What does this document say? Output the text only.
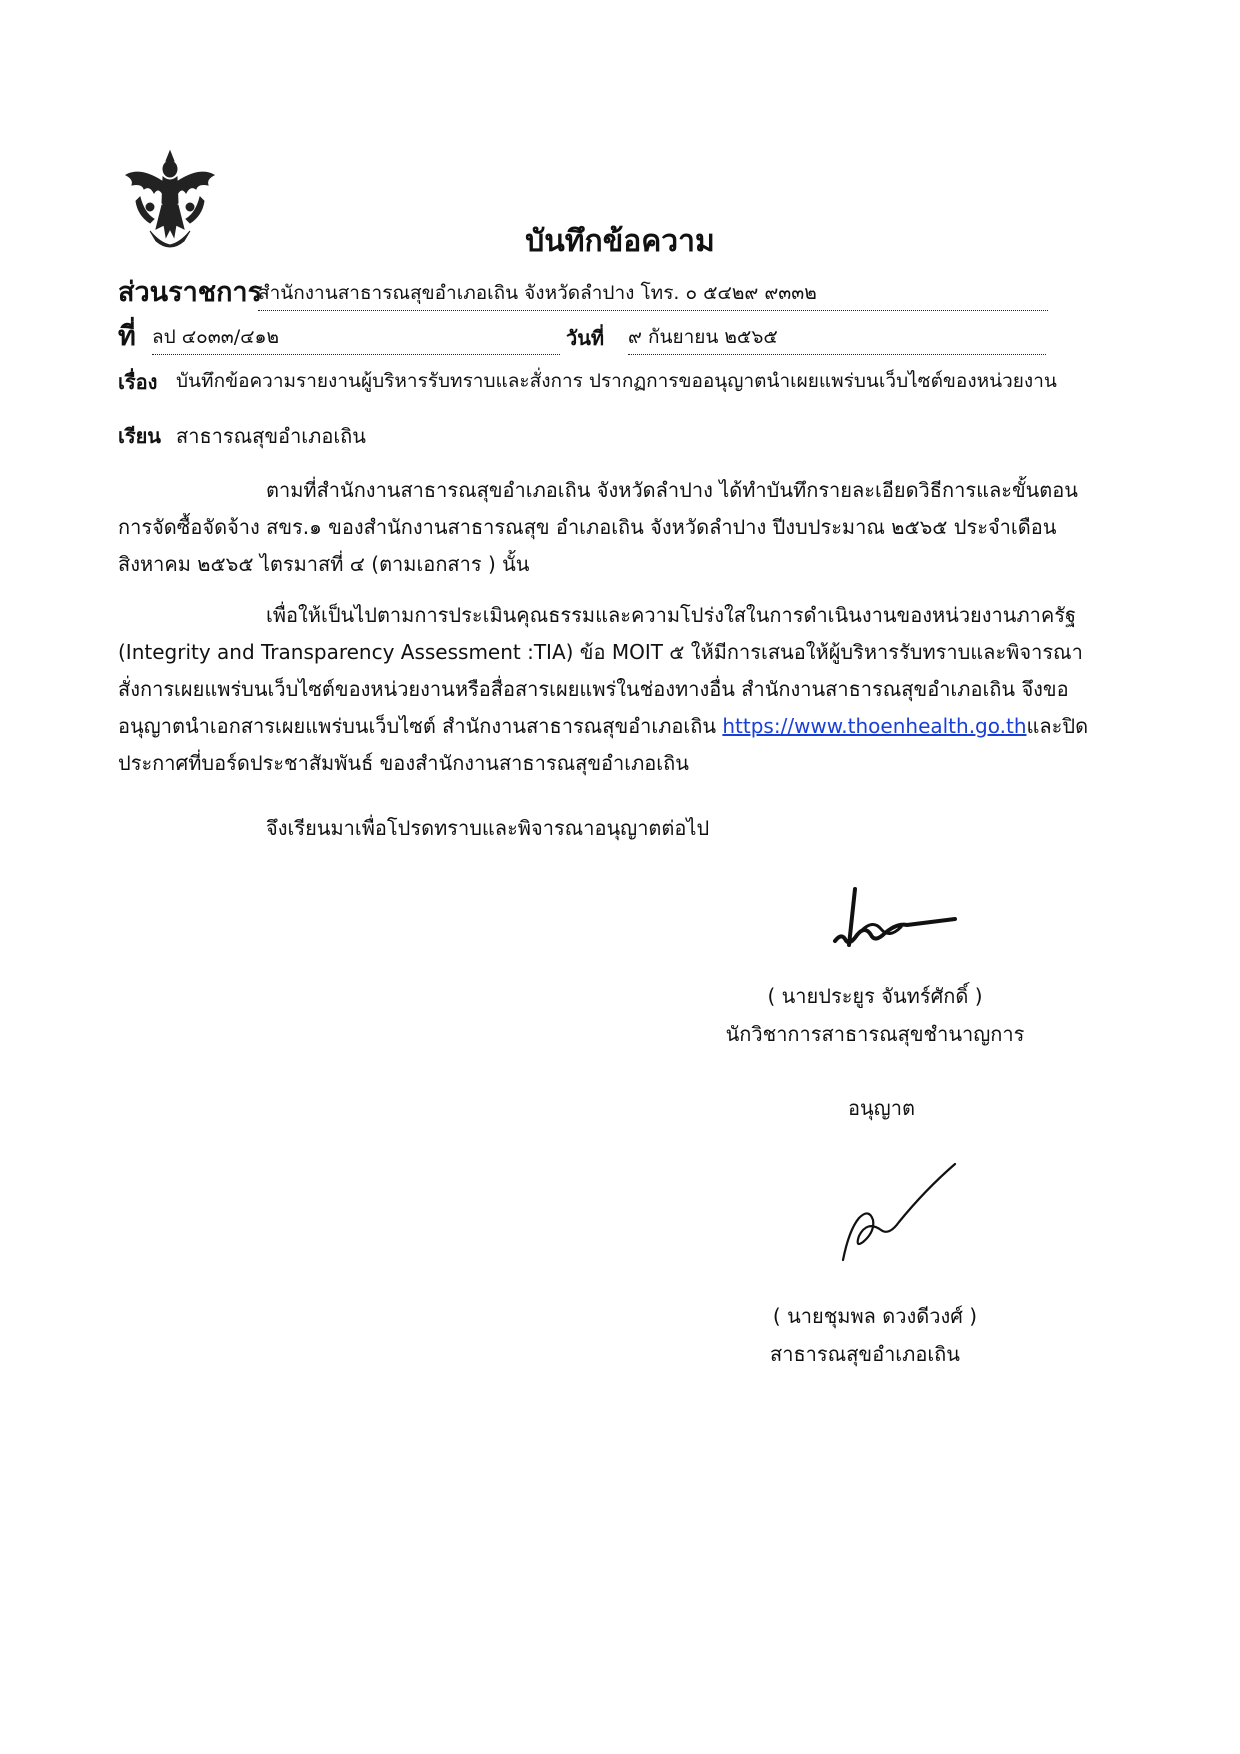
บันทึกข้อความ
ส่วนราชการ
สำนักงานสาธารณสุขอำเภอเถิน จังหวัดลำปาง โทร. ๐ ๕๔๒๙ ๙๓๓๒
ที่ ลป ๔๐๓๓/๔๑๒	วันที่ ๙ กันยายน ๒๕๖๕
เรื่อง บันทึกข้อความรายงานผู้บริหารรับทราบและสั่งการ ปรากฏการขออนุญาตนำเผยแพร่บนเว็บไซต์ของหน่วยงาน
เรียน สาธารณสุขอำเภอเถิน
ตามที่สำนักงานสาธารณสุขอำเภอเถิน จังหวัดลำปาง ได้ทำบันทึกรายละเอียดวิธีการและขั้นตอน
การจัดซื้อจัดจ้าง สขร.๑ ของสำนักงานสาธารณสุข อำเภอเถิน จังหวัดลำปาง ปีงบประมาณ ๒๕๖๕ ประจำเดือน
สิงหาคม ๒๕๖๕ ไตรมาสที่ ๔ (ตามเอกสาร ) นั้น
เพื่อให้เป็นไปตามการประเมินคุณธรรมและความโปร่งใสในการดำเนินงานของหน่วยงานภาครัฐ
(Integrity and Transparency Assessment :TIA) ข้อ MOIT ๕ ให้มีการเสนอให้ผู้บริหารรับทราบและพิจารณา
สั่งการเผยแพร่บนเว็บไซต์ของหน่วยงานหรือสื่อสารเผยแพร่ในช่องทางอื่น สำนักงานสาธารณสุขอำเภอเถิน จึงขอ
อนุญาตนำเอกสารเผยแพร่บนเว็บไซต์ สำนักงานสาธารณสุขอำเภอเถิน https://www.thoenhealth.go.thและปิด
ประกาศที่บอร์ดประชาสัมพันธ์ ของสำนักงานสาธารณสุขอำเภอเถิน
จึงเรียนมาเพื่อโปรดทราบและพิจารณาอนุญาตต่อไป
( นายประยูร จันทร์ศักดิ์ )
นักวิชาการสาธารณสุขชำนาญการ
อนุญาต
( นายชุมพล ดวงดีวงศ์ )
สาธารณสุขอำเภอเถิน
